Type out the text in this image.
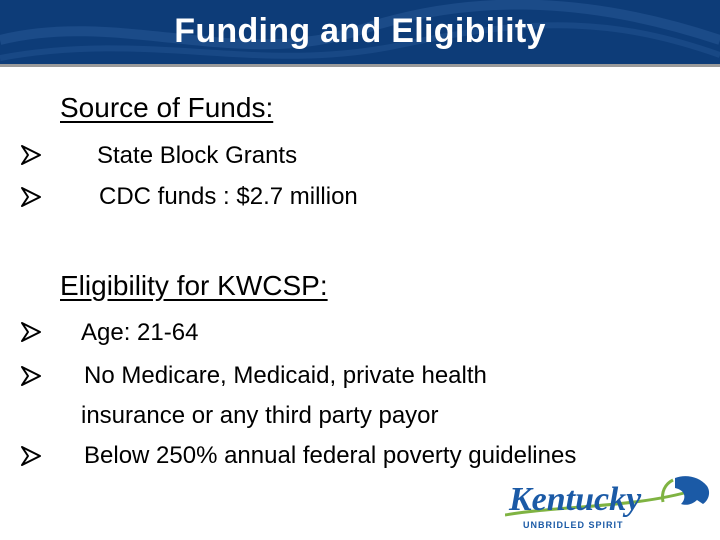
Funding and Eligibility
Source of Funds:
State Block Grants
CDC funds : $2.7 million
Eligibility for KWCSP:
Age: 21-64
No Medicare, Medicaid, private health
insurance or any third party payor
Below 250% annual federal poverty guidelines
Kentucky
UNBRIDLED SPIRIT
